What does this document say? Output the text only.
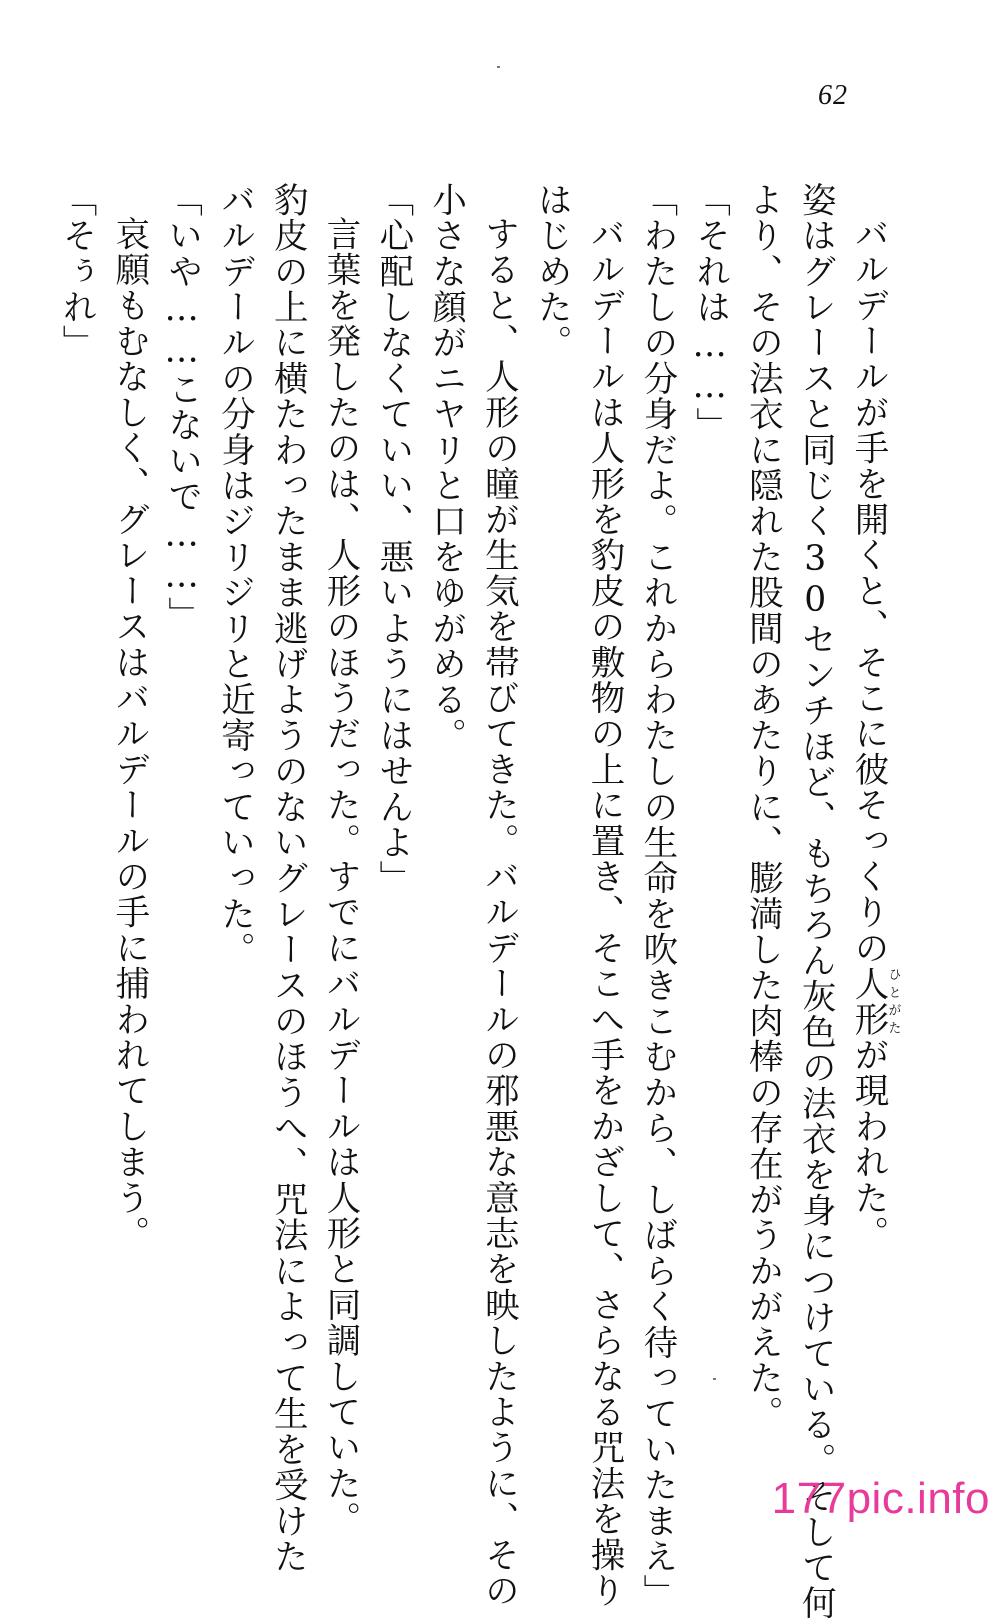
62
バルデールが手を開くと、そこに彼そっくりの人形ひとがたが現われた。
姿はグレースと同じく30センチほど、もちろん灰色の法衣を身につけている。そして何
より、その法衣に隠れた股間のあたりに、膨満した肉棒の存在がうかがえた。
「それは……」
「わたしの分身だよ。これからわたしの生命を吹きこむから、しばらく待っていたまえ」
バルデールは人形を豹皮の敷物の上に置き、そこへ手をかざして、さらなる咒法を操り
はじめた。
すると、人形の瞳が生気を帯びてきた。バルデールの邪悪な意志を映したように、その
小さな顔がニヤリと口をゆがめる。
「心配しなくていい、悪いようにはせんよ」
言葉を発したのは、人形のほうだった。すでにバルデールは人形と同調していた。
豹皮の上に横たわったまま逃げようのないグレースのほうへ、咒法によって生を受けた
バルデールの分身はジリジリと近寄っていった。
「いや……こないで……」
哀願もむなしく、グレースはバルデールの手に捕われてしまう。
「そぅれ」
177pic.info
